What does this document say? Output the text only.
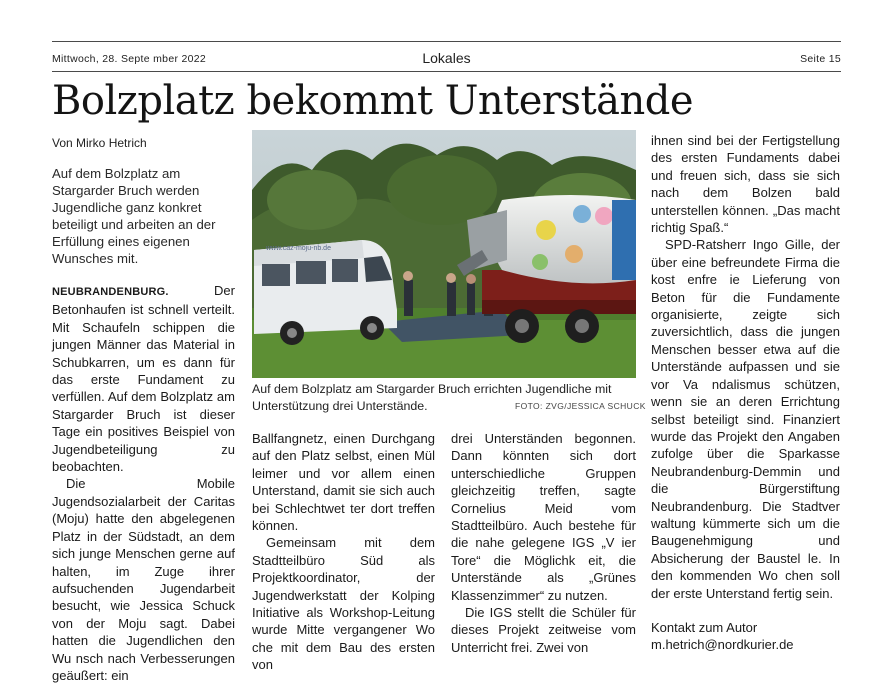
Mittwoch, 28. Septe mber 2022	Lokales	Seite 15
Bolzplatz bekommt Unterstände
Von Mirko Hetrich
Auf dem Bolzplatz am Stargarder Bruch werden Jugendliche ganz konkret beteiligt und arbeiten an der Erfüllung eines eigenen Wunsches mit.

NEUBRANDENBURG.	Der Betonhaufen ist schnell verteilt. Mit Schaufeln schippen die jungen Männer das Material in Schubkarren, um es dann für das erste Fundament zu verfüllen. Auf dem Bolzplatz am Stargarder Bruch ist dieser Tage ein positives Beispiel von Jugendbeteiligung zu beobachten.

Die Mobile Jugendsozialarbeit der Caritas (Moju) hatte den abgelegenen Platz in der Südstadt, an dem sich junge Menschen gerne auf halten, im Zuge ihrer aufsuchenden Jugendarbeit besucht, wie Jessica Schuck von der Moju sagt. Dabei hatten die Jugendlichen den Wu nsch nach Verbesserungen geäußert: ein

www.caz-moju-nb.de
Auf dem Bolzplatz am Stargarder Bruch errichten Jugendliche mit Unterstützung drei Unterstände.	FOTO: ZVG/JESSICA SCHUCK

Ballfangnetz, einen Durchgang auf den Platz selbst, einen Mül leimer und vor allem einen Unterstand, damit sie sich auch bei Schlechtwet ter dort treffen können.

Gemeinsam mit dem Stadtteilbüro Süd als Projektkoordinator, der Jugendwerkstatt der Kolping Initiative als Workshop-Leitung wurde Mitte vergangener Wo che mit dem Bau des ersten von

drei Unterständen begonnen. Dann könnten sich dort unterschiedliche Gruppen gleichzeitig treffen, sagte Cornelius Meid vom Stadtteilbüro. Auch bestehe für die nahe gelegene IGS „V ier Tore“ die Möglichk eit, die Unterstände als „Grünes Klassenzimmer“ zu nutzen.

Die IGS stellt die Schüler für dieses Projekt zeitweise vom Unterricht frei. Zwei von

ihnen sind bei der Fertigstellung des ersten Fundaments dabei und freuen sich, dass sie sich nach dem Bolzen bald unterstellen können. „Das macht richtig Spaß.“

SPD-Ratsherr Ingo Gille, der über eine befreundete Firma die kost enfre ie Lieferung von Beton für die Fundamente organisierte, zeigte sich zuversichtlich, dass die jungen Menschen besser etwa auf die Unterstände aufpassen und sie vor Va ndalismus schützen, wenn sie an deren Errichtung selbst beteiligt sind. Finanziert wurde das Projekt den Angaben zufolge über die Sparkasse Neubrandenburg-Demmin und die Bürgerstiftung Neubrandenburg. Die Stadtver waltung kümmerte sich um die Baugenehmigung und Absicherung der Baustel le. In den kommenden Wo chen soll der erste Unterstand fertig sein.

Kontakt zum Autor
m.hetrich@nordkurier.de
